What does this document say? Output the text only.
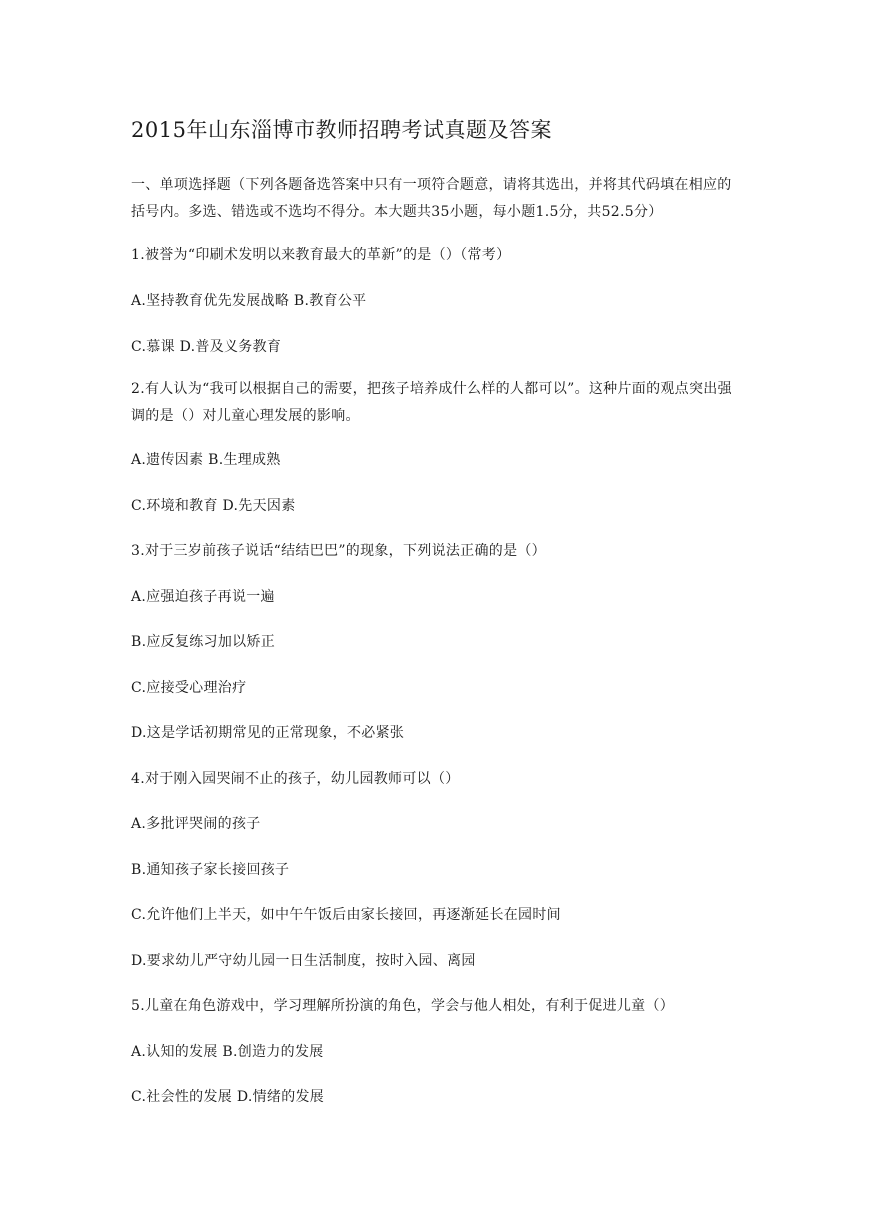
2015年山东淄博市教师招聘考试真题及答案
一、单项选择题（下列各题备选答案中只有一项符合题意，请将其选出，并将其代码填在相应的括号内。多选、错选或不选均不得分。本大题共35小题，每小题1.5分，共52.5分）
1.被誉为“印刷术发明以来教育最大的革新”的是（）（常考）
A.坚持教育优先发展战略 B.教育公平
C.慕课 D.普及义务教育
2.有人认为“我可以根据自己的需要，把孩子培养成什么样的人都可以”。这种片面的观点突出强调的是（）对儿童心理发展的影响。
A.遗传因素 B.生理成熟
C.环境和教育 D.先天因素
3.对于三岁前孩子说话“结结巴巴”的现象，下列说法正确的是（）
A.应强迫孩子再说一遍
B.应反复练习加以矫正
C.应接受心理治疗
D.这是学话初期常见的正常现象，不必紧张
4.对于刚入园哭闹不止的孩子，幼儿园教师可以（）
A.多批评哭闹的孩子
B.通知孩子家长接回孩子
C.允许他们上半天，如中午午饭后由家长接回，再逐渐延长在园时间
D.要求幼儿严守幼儿园一日生活制度，按时入园、离园
5.儿童在角色游戏中，学习理解所扮演的角色，学会与他人相处，有利于促进儿童（）
A.认知的发展 B.创造力的发展
C.社会性的发展 D.情绪的发展
